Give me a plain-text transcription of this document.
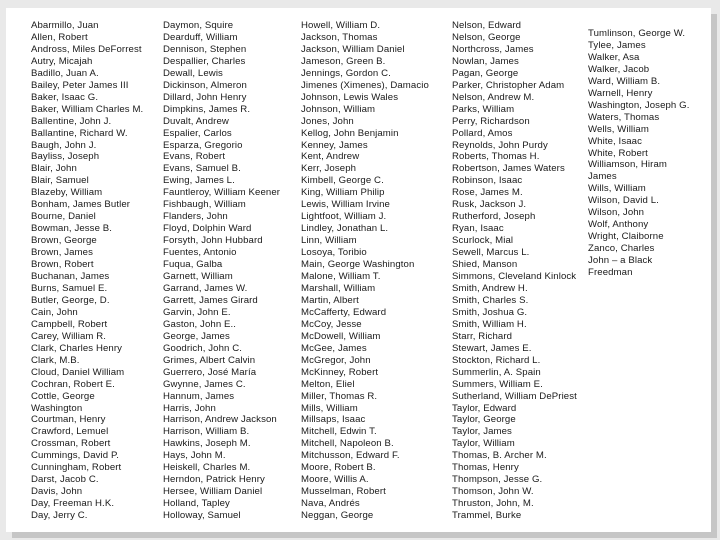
Abarmillo, Juan
Allen, Robert
Andross, Miles DeForrest
Autry, Micajah
Badillo, Juan A.
Bailey, Peter James III
Baker, Isaac G.
Baker, William Charles M.
Ballentine, John J.
Ballantine, Richard W.
Baugh, John J.
Bayliss, Joseph
Blair, John
Blair, Samuel
Blazeby, William
Bonham, James Butler
Bourne, Daniel
Bowman, Jesse B.
Brown, George
Brown, James
Brown, Robert
Buchanan, James
Burns, Samuel E.
Butler, George, D.
Cain, John
Campbell, Robert
Carey, William R.
Clark, Charles Henry
Clark, M.B.
Cloud, Daniel William
Cochran, Robert E.
Cottle, George
Washington
Courtman, Henry
Crawford, Lemuel
Crossman, Robert
Cummings, David P.
Cunningham, Robert
Darst, Jacob C.
Davis, John
Day, Freeman H.K.
Day, Jerry C.
Daymon, Squire
Dearduff, William
Dennison, Stephen
Despallier, Charles
Dewall, Lewis
Dickinson, Almeron
Dillard, John Henry
Dimpkins, James R.
Duvalt, Andrew
Espalier, Carlos
Esparza, Gregorio
Evans, Robert
Evans, Samuel B.
Ewing, James L.
Fauntleroy, William Keener
Fishbaugh, William
Flanders, John
Floyd, Dolphin Ward
Forsyth, John Hubbard
Fuentes, Antonio
Fuqua, Galba
Garnett, William
Garrand, James W.
Garrett, James Girard
Garvin, John E.
Gaston, John E..
George, James
Goodrich, John C.
Grimes, Albert Calvin
Guerrero, José María
Gwynne, James C.
Hannum, James
Harris, John
Harrison, Andrew Jackson
Harrison, William B.
Hawkins, Joseph M.
Hays, John M.
Heiskell, Charles M.
Herndon, Patrick Henry
Hersee, William Daniel
Holland, Tapley
Holloway, Samuel
Howell, William D.
Jackson, Thomas
Jackson, William Daniel
Jameson, Green B.
Jennings, Gordon C.
Jimenes (Ximenes), Damacio
Johnson, Lewis Wales
Johnson, William
Jones, John
Kellog, John Benjamin
Kenney, James
Kent, Andrew
Kerr, Joseph
Kimbell, George C.
King, William Philip
Lewis, William Irvine
Lightfoot, William J.
Lindley, Jonathan L.
Linn, William
Losoya, Toribio
Main, George Washington
Malone, William T.
Marshall, William
Martin, Albert
McCafferty, Edward
McCoy, Jesse
McDowell, William
McGee, James
McGregor, John
McKinney, Robert
Melton, Eliel
Miller, Thomas R.
Mills, William
Millsaps, Isaac
Mitchell, Edwin T.
Mitchell, Napoleon B.
Mitchusson, Edward F.
Moore, Robert B.
Moore, Willis A.
Musselman, Robert
Nava, Andrés
Neggan, George
Nelson, Edward
Nelson, George
Northcross, James
Nowlan, James
Pagan, George
Parker, Christopher Adam
Nelson, Andrew M.
Parks, William
Perry, Richardson
Pollard, Amos
Reynolds, John Purdy
Roberts, Thomas H.
Robertson, James Waters
Robinson, Isaac
Rose, James M.
Rusk, Jackson J.
Rutherford, Joseph
Ryan, Isaac
Scurlock, Mial
Sewell, Marcus L.
Shied, Manson
Simmons, Cleveland Kinlock
Smith, Andrew H.
Smith, Charles S.
Smith, Joshua G.
Smith, William H.
Starr, Richard
Stewart, James E.
Stockton, Richard L.
Summerlin, A. Spain
Summers, William E.
Sutherland, William DePriest
Taylor, Edward
Taylor, George
Taylor, James
Taylor, William
Thomas, B. Archer M.
Thomas, Henry
Thompson, Jesse G.
Thomson, John W.
Thruston, John, M.
Trammel, Burke
Tumlinson, George W.
Tylee, James
Walker, Asa
Walker, Jacob
Ward, William B.
Warnell, Henry
Washington, Joseph G.
Waters, Thomas
Wells, William
White, Isaac
White, Robert
Williamson, Hiram
James
Wills, William
Wilson, David L.
Wilson, John
Wolf, Anthony
Wright, Claiborne
Zanco, Charles
John – a Black
Freedman
